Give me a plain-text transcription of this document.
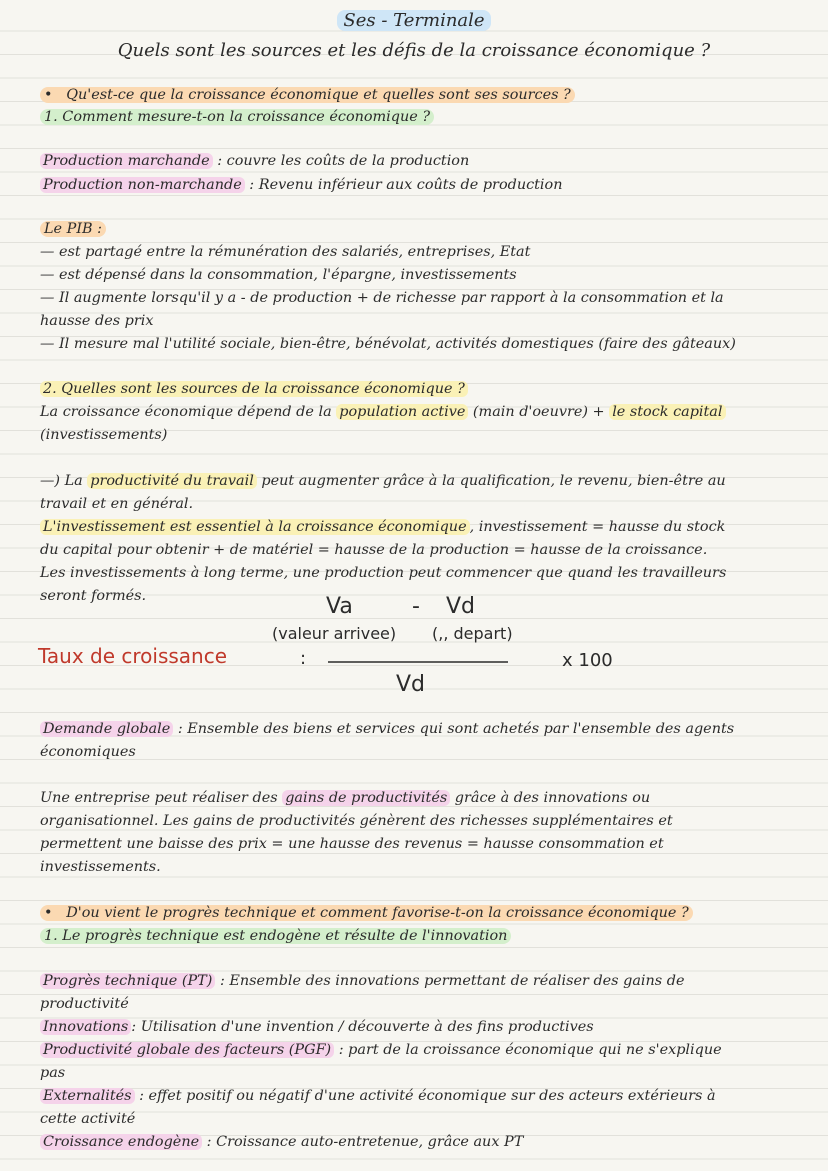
Ses - Terminale
Quels sont les sources et les défis de la croissance économique ?
•   Qu'est-ce que la croissance économique et quelles sont ses sources ?
1. Comment mesure-t-on la croissance économique ?
Production marchande : couvre les coûts de la production
Production non-marchande : Revenu inférieur aux coûts de production
Le PIB :
— est partagé entre la rémunération des salariés, entreprises, Etat
— est dépensé dans la consommation, l'épargne, investissements
— Il augmente lorsqu'il y a - de production + de richesse par rapport à la consommation et la
hausse des prix
— Il mesure mal l'utilité sociale, bien-être, bénévolat, activités domestiques (faire des gâteaux)
2. Quelles sont les sources de la croissance économique ?
La croissance économique dépend de la population active (main d'oeuvre) + le stock capital
(investissements)
—) La productivité du travail peut augmenter grâce à la qualification, le revenu, bien-être au
travail et en général.
L'investissement est essentiel à la croissance économique , investissement = hausse du stock
du capital pour obtenir + de matériel = hausse de la production = hausse de la croissance.
Les investissements à long terme, une production peut commencer que quand les travailleurs
seront formés.
Taux de croissance	:
Va	- Vd
(valeur arrivee) (,, depart)
Vd
x 100
Demande globale : Ensemble des biens et services qui sont achetés par l'ensemble des agents
économiques
Une entreprise peut réaliser des gains de productivités grâce à des innovations ou
organisationnel. Les gains de productivités génèrent des richesses supplémentaires et
permettent une baisse des prix = une hausse des revenus = hausse consommation et
investissements.
•   D'ou vient le progrès technique et comment favorise-t-on la croissance économique ?
1. Le progrès technique est endogène et résulte de l'innovation
Progrès technique (PT) : Ensemble des innovations permettant de réaliser des gains de
productivité
Innovations : Utilisation d'une invention / découverte à des fins productives
Productivité globale des facteurs (PGF) : part de la croissance économique qui ne s'explique
pas
Externalités : effet positif ou négatif d'une activité économique sur des acteurs extérieurs à
cette activité
Croissance endogène : Croissance auto-entretenue, grâce aux PT
